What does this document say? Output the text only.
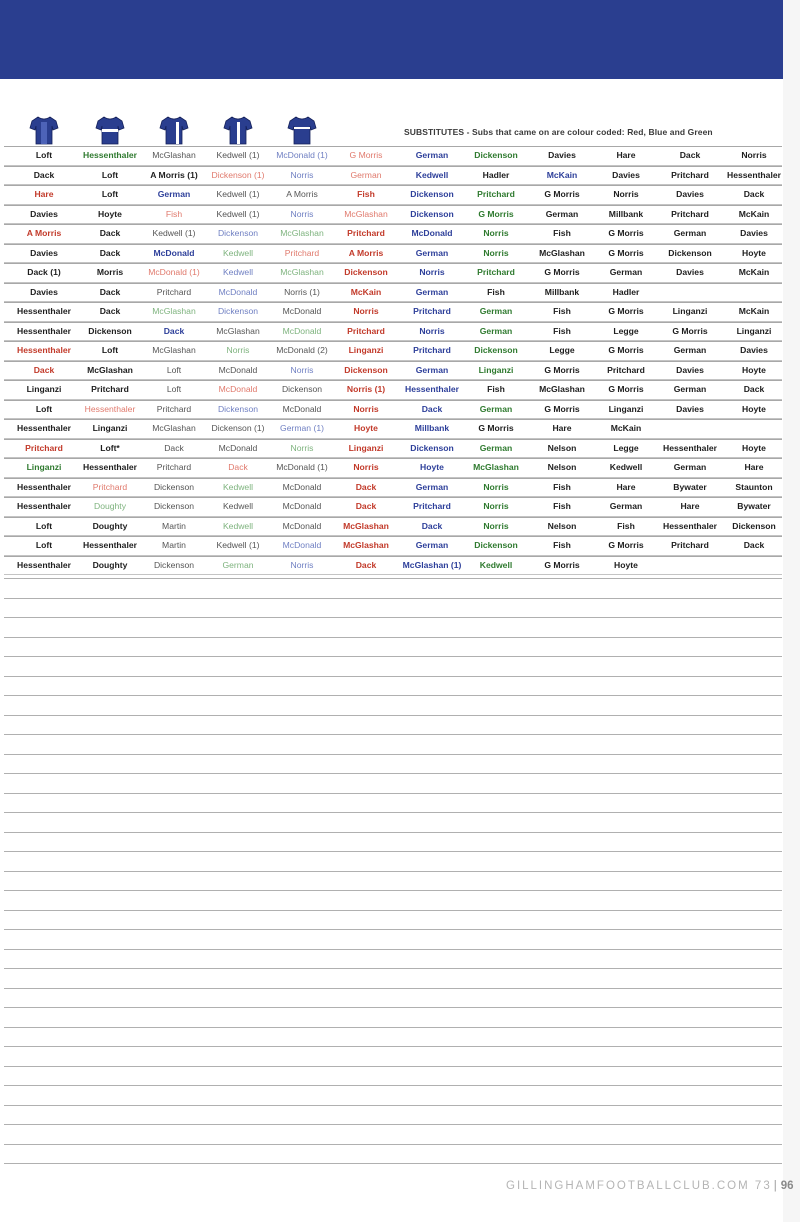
SUBSTITUTES - Subs that came on are colour coded: Red, Blue and Green
Loft	Hessenthaler	McGlashan	Kedwell (1)	McDonald (1)	G Morris	German	Dickenson	Davies	Hare	Dack	Norris
Dack	Loft	A Morris (1)	Dickenson (1)	Norris	German	Kedwell	Hadler	McKain	Davies	Pritchard	Hessenthaler
Hare	Loft	German	Kedwell (1)	A Morris	Fish	Dickenson	Pritchard	G Morris	Norris	Davies	Dack
Davies	Hoyte	Fish	Kedwell (1)	Norris	McGlashan	Dickenson	G Morris	German	Millbank	Pritchard	McKain
A Morris	Dack	Kedwell (1)	Dickenson	McGlashan	Pritchard	McDonald	Norris	Fish	G Morris	German	Davies
Davies	Dack	McDonald	Kedwell	Pritchard	A Morris	German	Norris	McGlashan	G Morris	Dickenson	Hoyte
Dack (1)	Morris	McDonald (1)	Kedwell	McGlashan	Dickenson	Norris	Pritchard	G Morris	German	Davies	McKain
Davies	Dack	Pritchard	McDonald	Norris (1)	McKain	German	Fish	Millbank	Hadler
Hessenthaler	Dack	McGlashan	Dickenson	McDonald	Norris	Pritchard	German	Fish	G Morris	Linganzi	McKain
Hessenthaler	Dickenson	Dack	McGlashan	McDonald	Pritchard	Norris	German	Fish	Legge	G Morris	Linganzi
Hessenthaler	Loft	McGlashan	Norris	McDonald (2)	Linganzi	Pritchard	Dickenson	Legge	G Morris	German	Davies
Dack	McGlashan	Loft	McDonald	Norris	Dickenson	German	Linganzi	G Morris	Pritchard	Davies	Hoyte
Linganzi	Pritchard	Loft	McDonald	Dickenson	Norris (1)	Hessenthaler	Fish	McGlashan	G Morris	German	Dack
Loft	Hessenthaler	Pritchard	Dickenson	McDonald	Norris	Dack	German	G Morris	Linganzi	Davies	Hoyte
Hessenthaler	Linganzi	McGlashan	Dickenson (1)	German (1)	Hoyte	Millbank	G Morris	Hare	McKain
Pritchard	Loft*	Dack	McDonald	Norris	Linganzi	Dickenson	German	Nelson	Legge	Hessenthaler	Hoyte
Linganzi	Hessenthaler	Pritchard	Dack	McDonald (1)	Norris	Hoyte	McGlashan	Nelson	Kedwell	German	Hare
Hessenthaler	Pritchard	Dickenson	Kedwell	McDonald	Dack	German	Norris	Fish	Hare	Bywater	Staunton
Hessenthaler	Doughty	Dickenson	Kedwell	McDonald	Dack	Pritchard	Norris	Fish	German	Hare	Bywater
Loft	Doughty	Martin	Kedwell	McDonald	McGlashan	Dack	Norris	Nelson	Fish	Hessenthaler	Dickenson
Loft	Hessenthaler	Martin	Kedwell (1)	McDonald	McGlashan	German	Dickenson	Fish	G Morris	Pritchard	Dack
Hessenthaler	Doughty	Dickenson	German	Norris	Dack	McGlashan (1)	Kedwell	G Morris	Hoyte
GILLINGHAMFOOTBALLCLUB.COM 73 | 96
